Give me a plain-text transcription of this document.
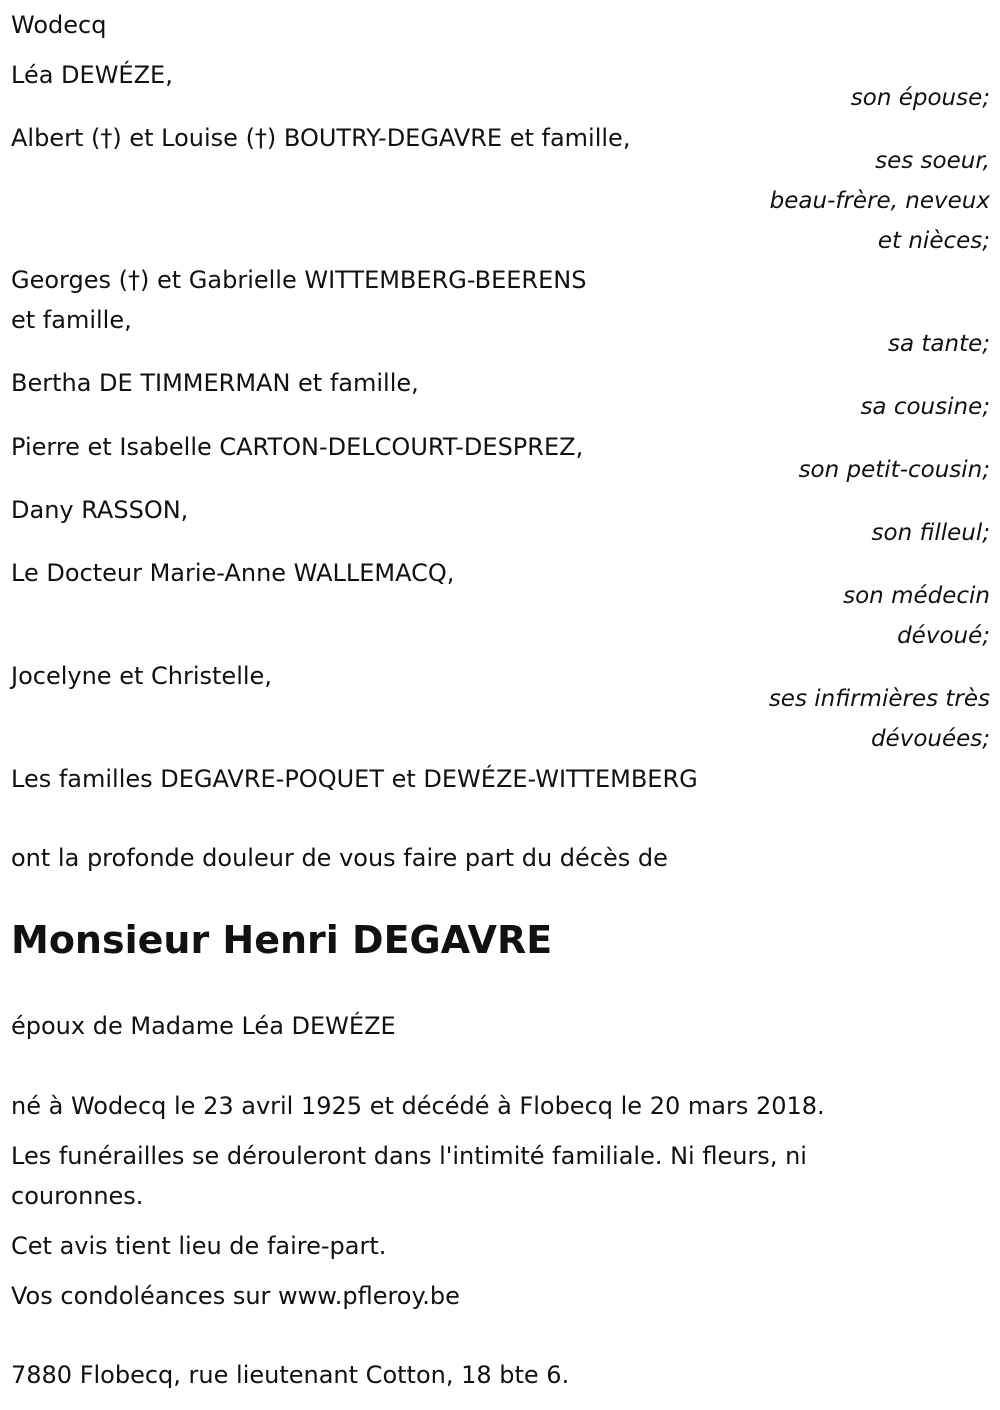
Wodecq
Léa DEWÉZE,
son épouse;
Albert (†) et Louise (†) BOUTRY-DEGAVRE et famille,
ses soeur,
beau-frère, neveux
et nièces;
Georges (†) et Gabrielle WITTEMBERG-BEERENS
et famille,
sa tante;
Bertha DE TIMMERMAN et famille,
sa cousine;
Pierre et Isabelle CARTON-DELCOURT-DESPREZ,
son petit-cousin;
Dany RASSON,
son filleul;
Le Docteur Marie-Anne WALLEMACQ,
son médecin
dévoué;
Jocelyne et Christelle,
ses infirmières très
dévouées;
Les familles DEGAVRE-POQUET et DEWÉZE-WITTEMBERG
ont la profonde douleur de vous faire part du décès de
Monsieur Henri DEGAVRE
époux de Madame Léa DEWÉZE
né à Wodecq le 23 avril 1925 et décédé à Flobecq le 20 mars 2018.
Les funérailles se dérouleront dans l'intimité familiale. Ni fleurs, ni
couronnes.
Cet avis tient lieu de faire-part.
Vos condoléances sur www.pfleroy.be
7880 Flobecq, rue lieutenant Cotton, 18 bte 6.
